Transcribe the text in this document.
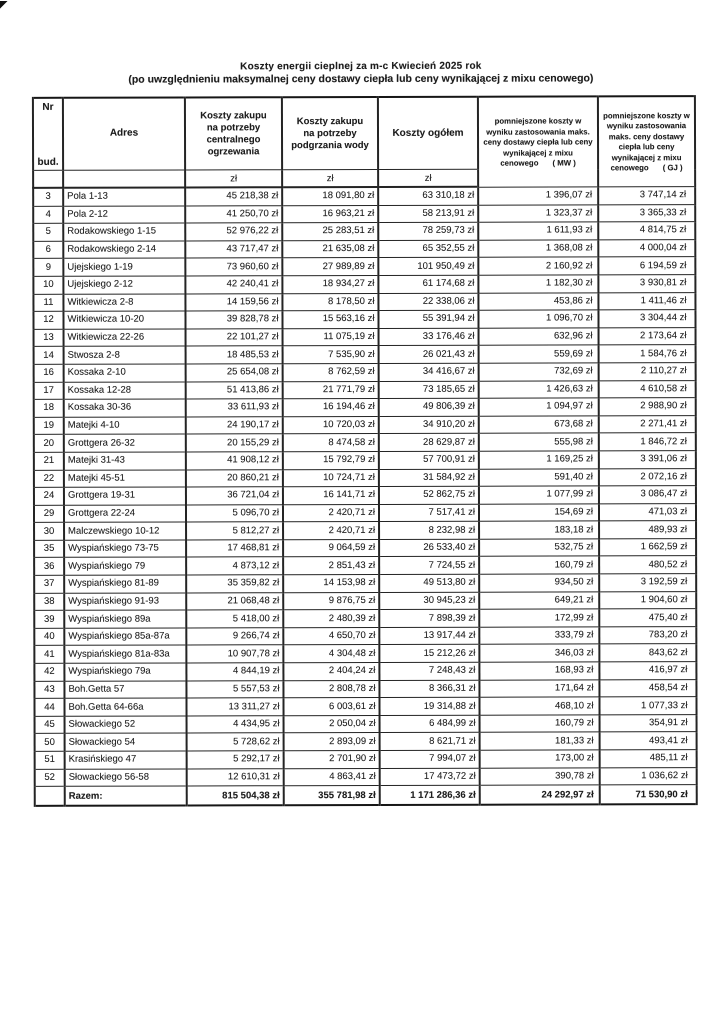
Koszty energii cieplnej za m-c Kwiecień 2025 rok
(po uwzględnieniu maksymalnej ceny dostawy ciepła lub ceny wynikającej z mixu cenowego)
Nr
bud.	Adres	Koszty zakupu na potrzeby centralnego ogrzewania	Koszty zakupu na potrzeby podgrzania wody	Koszty ogółem	pomniejszone koszty w wyniku zastosowania maks. ceny dostawy ciepła lub ceny wynikającej z mixu
cenowego ( MW )	pomniejszone koszty w wyniku zastosowania maks. ceny dostawy ciepła lub ceny wynikającej z mixu
cenowego ( GJ )

		zł	zł	zł		
3	Pola 1-13	45 218,38 zł	18 091,80 zł	63 310,18 zł	1 396,07 zł	3 747,14 zł
4	Pola 2-12	41 250,70 zł	16 963,21 zł	58 213,91 zł	1 323,37 zł	3 365,33 zł
5	Rodakowskiego 1-15	52 976,22 zł	25 283,51 zł	78 259,73 zł	1 611,93 zł	4 814,75 zł
6	Rodakowskiego 2-14	43 717,47 zł	21 635,08 zł	65 352,55 zł	1 368,08 zł	4 000,04 zł
9	Ujejskiego 1-19	73 960,60 zł	27 989,89 zł	101 950,49 zł	2 160,92 zł	6 194,59 zł
10	Ujejskiego 2-12	42 240,41 zł	18 934,27 zł	61 174,68 zł	1 182,30 zł	3 930,81 zł
11	Witkiewicza 2-8	14 159,56 zł	8 178,50 zł	22 338,06 zł	453,86 zł	1 411,46 zł
12	Witkiewicza 10-20	39 828,78 zł	15 563,16 zł	55 391,94 zł	1 096,70 zł	3 304,44 zł
13	Witkiewicza 22-26	22 101,27 zł	11 075,19 zł	33 176,46 zł	632,96 zł	2 173,64 zł
14	Stwosza 2-8	18 485,53 zł	7 535,90 zł	26 021,43 zł	559,69 zł	1 584,76 zł
16	Kossaka 2-10	25 654,08 zł	8 762,59 zł	34 416,67 zł	732,69 zł	2 110,27 zł
17	Kossaka 12-28	51 413,86 zł	21 771,79 zł	73 185,65 zł	1 426,63 zł	4 610,58 zł
18	Kossaka 30-36	33 611,93 zł	16 194,46 zł	49 806,39 zł	1 094,97 zł	2 988,90 zł
19	Matejki 4-10	24 190,17 zł	10 720,03 zł	34 910,20 zł	673,68 zł	2 271,41 zł
20	Grottgera 26-32	20 155,29 zł	8 474,58 zł	28 629,87 zł	555,98 zł	1 846,72 zł
21	Matejki 31-43	41 908,12 zł	15 792,79 zł	57 700,91 zł	1 169,25 zł	3 391,06 zł
22	Matejki 45-51	20 860,21 zł	10 724,71 zł	31 584,92 zł	591,40 zł	2 072,16 zł
24	Grottgera 19-31	36 721,04 zł	16 141,71 zł	52 862,75 zł	1 077,99 zł	3 086,47 zł
29	Grottgera 22-24	5 096,70 zł	2 420,71 zł	7 517,41 zł	154,69 zł	471,03 zł
30	Malczewskiego 10-12	5 812,27 zł	2 420,71 zł	8 232,98 zł	183,18 zł	489,93 zł
35	Wyspiańskiego 73-75	17 468,81 zł	9 064,59 zł	26 533,40 zł	532,75 zł	1 662,59 zł
36	Wyspiańskiego 79	4 873,12 zł	2 851,43 zł	7 724,55 zł	160,79 zł	480,52 zł
37	Wyspiańskiego 81-89	35 359,82 zł	14 153,98 zł	49 513,80 zł	934,50 zł	3 192,59 zł
38	Wyspiańskiego 91-93	21 068,48 zł	9 876,75 zł	30 945,23 zł	649,21 zł	1 904,60 zł
39	Wyspiańskiego 89a	5 418,00 zł	2 480,39 zł	7 898,39 zł	172,99 zł	475,40 zł
40	Wyspiańskiego 85a-87a	9 266,74 zł	4 650,70 zł	13 917,44 zł	333,79 zł	783,20 zł
41	Wyspiańskiego 81a-83a	10 907,78 zł	4 304,48 zł	15 212,26 zł	346,03 zł	843,62 zł
42	Wyspiańskiego 79a	4 844,19 zł	2 404,24 zł	7 248,43 zł	168,93 zł	416,97 zł
43	Boh.Getta 57	5 557,53 zł	2 808,78 zł	8 366,31 zł	171,64 zł	458,54 zł
44	Boh.Getta 64-66a	13 311,27 zł	6 003,61 zł	19 314,88 zł	468,10 zł	1 077,33 zł
45	Słowackiego 52	4 434,95 zł	2 050,04 zł	6 484,99 zł	160,79 zł	354,91 zł
50	Słowackiego 54	5 728,62 zł	2 893,09 zł	8 621,71 zł	181,33 zł	493,41 zł
51	Krasińskiego 47	5 292,17 zł	2 701,90 zł	7 994,07 zł	173,00 zł	485,11 zł
52	Słowackiego 56-58	12 610,31 zł	4 863,41 zł	17 473,72 zł	390,78 zł	1 036,62 zł
	Razem:	815 504,38 zł	355 781,98 zł	1 171 286,36 zł	24 292,97 zł	71 530,90 zł
